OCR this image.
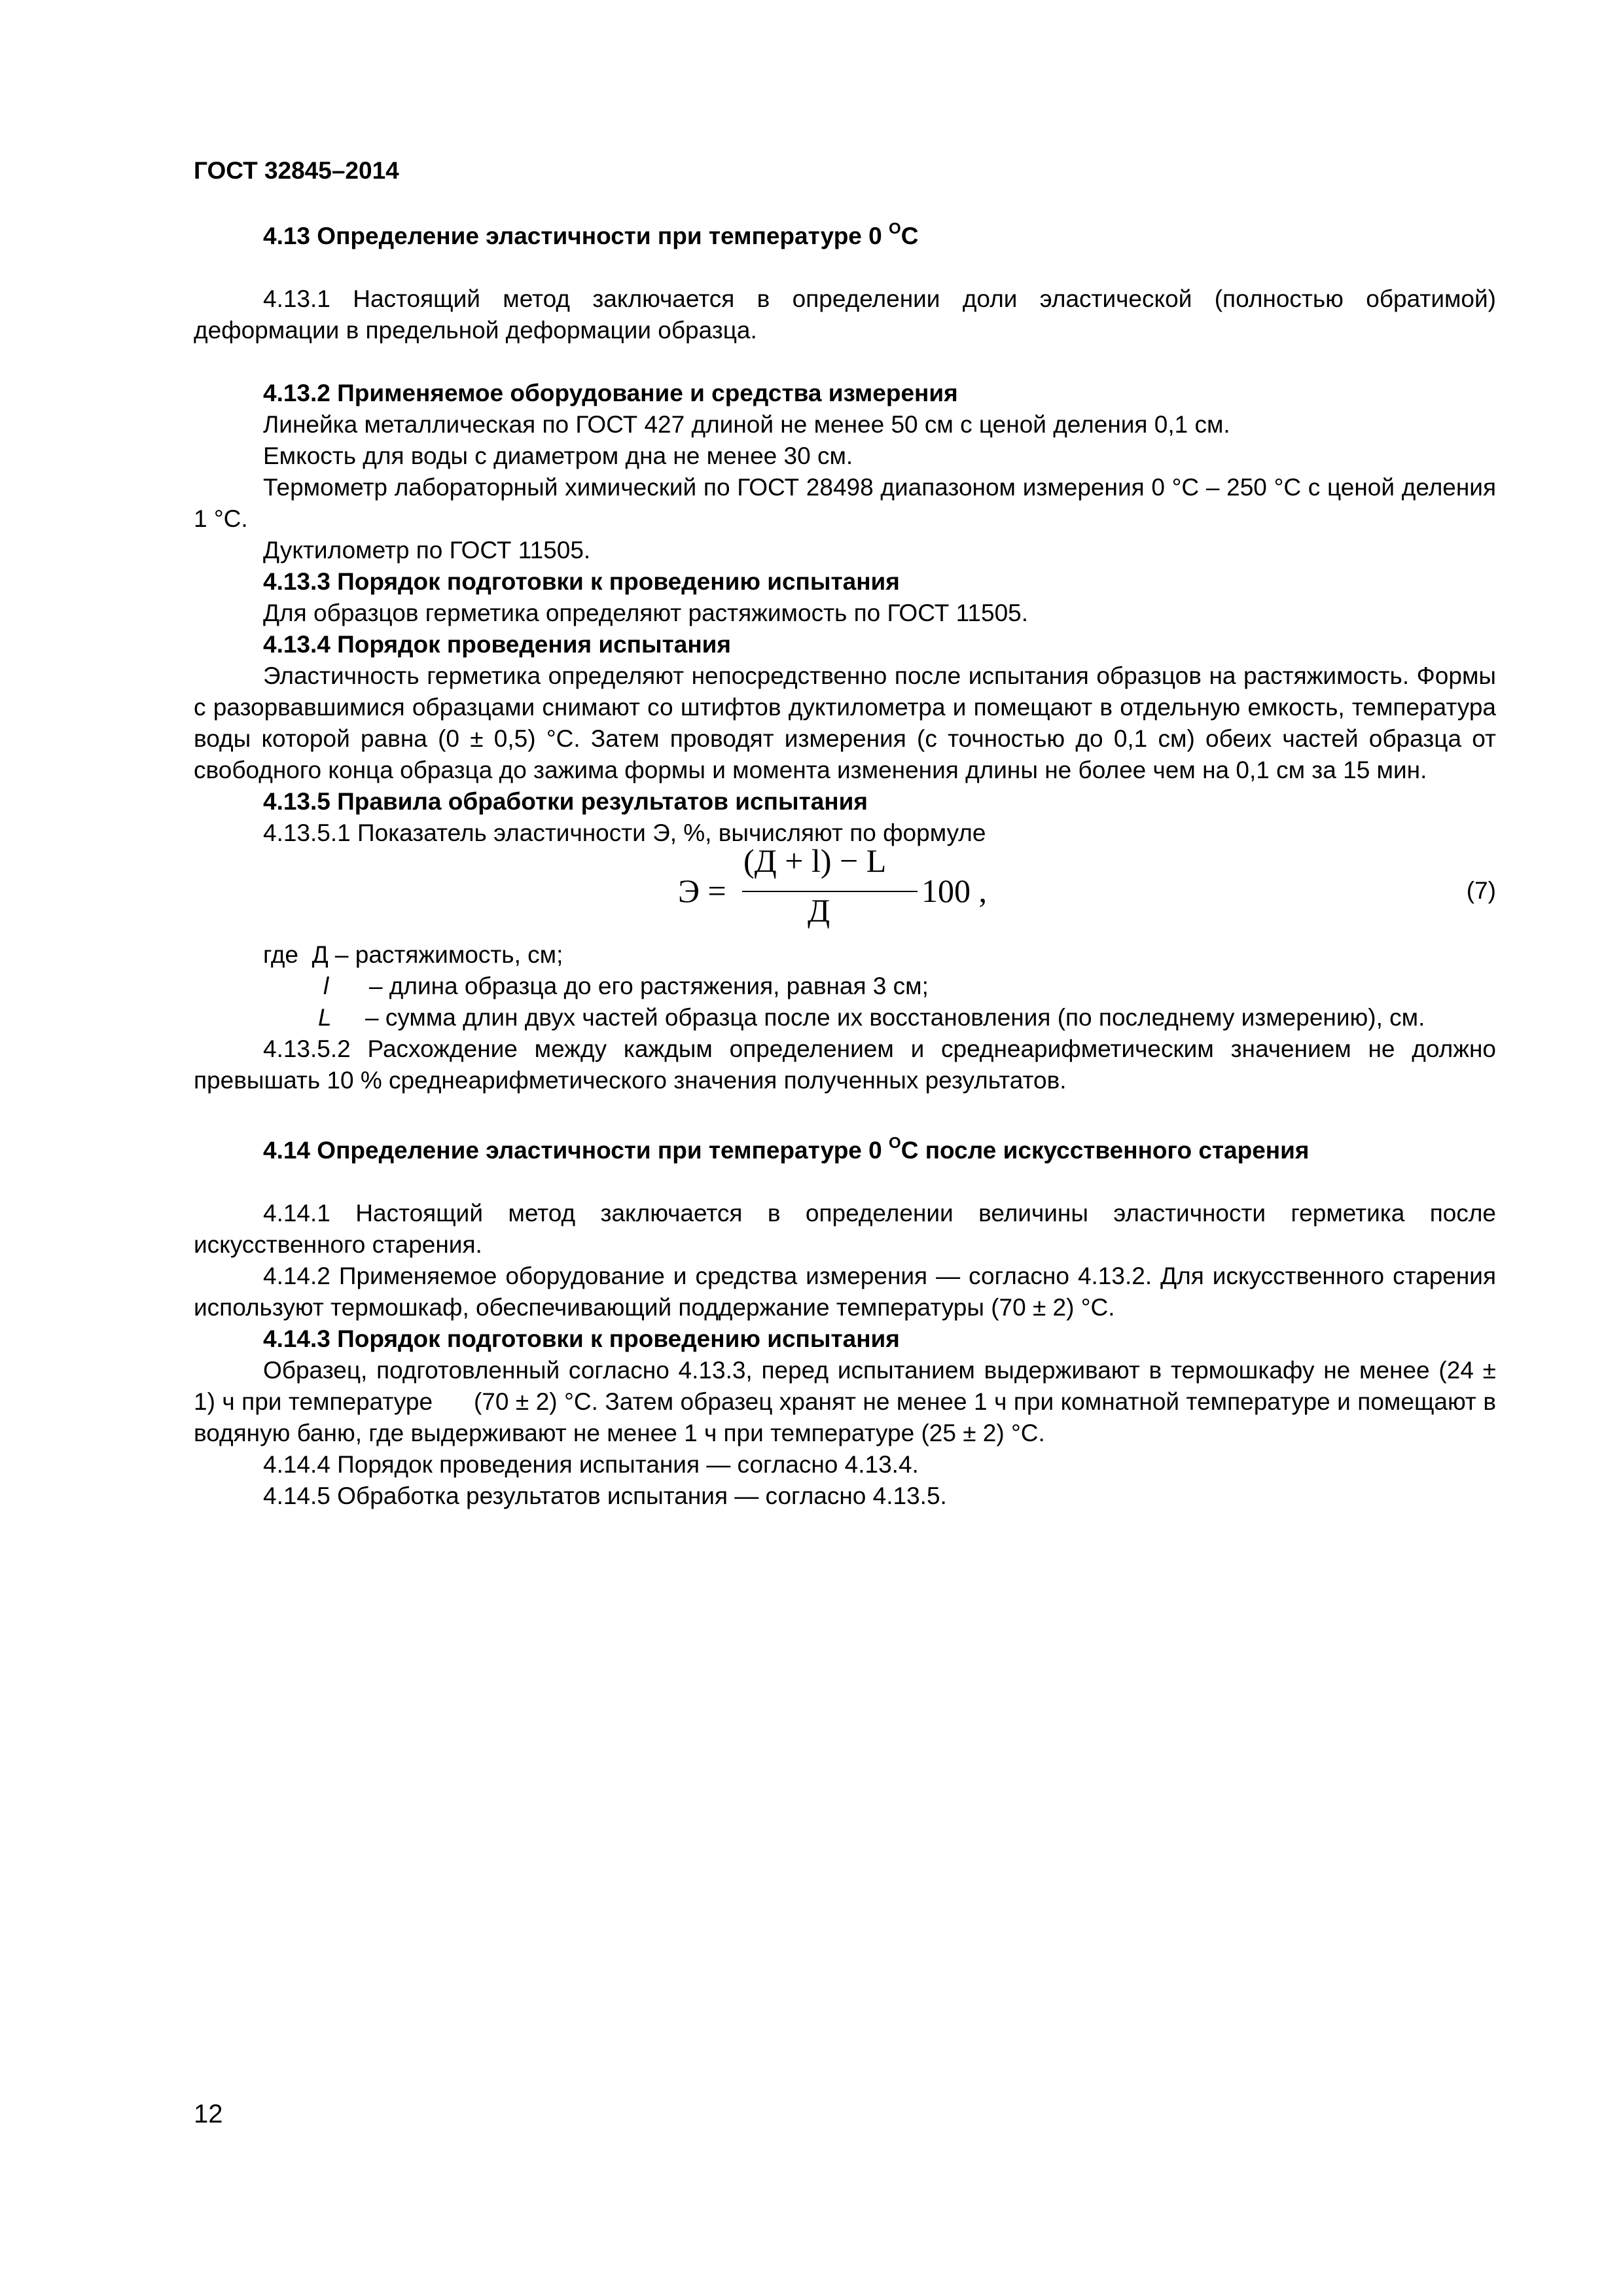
ГОСТ 32845–2014

4.13 Определение эластичности при температуре 0 $^О$С

4.13.1 Настоящий метод заключается в определении доли эластической (полностью обратимой) деформации в предельной деформации образца.

4.13.2 Применяемое оборудование и средства измерения

Линейка металлическая по ГОСТ 427 длиной не менее 50 см с ценой деления 0,1 см.

Емкость для воды с диаметром дна не менее 30 см.

Термометр лабораторный химический по ГОСТ 28498 диапазоном измерения 0 °С – 250 °С с ценой деления 1 °С.

Дуктилометр по ГОСТ 11505.

4.13.3 Порядок подготовки к проведению испытания

Для образцов герметика определяют растяжимость по ГОСТ 11505.

4.13.4 Порядок проведения испытания

Эластичность герметика определяют непосредственно после испытания образцов на растяжимость. Формы с разорвавшимися образцами снимают со штифтов дуктилометра и помещают в отдельную емкость, температура воды которой равна (0 ± 0,5) °С. Затем проводят измерения (с точностью до 0,1 см) обеих частей образца от свободного конца образца до зажима формы и момента изменения длины не более чем на 0,1 см за 15 мин.

4.13.5 Правила обработки результатов испытания

4.13.5.1 Показатель эластичности Э, %, вычисляют по формуле

Э =
(Д + l) − L
Д
100 ,	(7)

где Д – растяжимость, см;

l – длина образца до его растяжения, равная 3 см;

L – сумма длин двух частей образца после их восстановления (по последнему измерению), см.

4.13.5.2 Расхождение между каждым определением и среднеарифметическим значением не должно превышать 10 % среднеарифметического значения полученных результатов.

4.14 Определение эластичности при температуре 0 $^О$С после искусственного старения

4.14.1 Настоящий метод заключается в определении величины эластичности герметика после искусственного старения.

4.14.2 Применяемое оборудование и средства измерения — согласно 4.13.2. Для искусственного старения используют термошкаф, обеспечивающий поддержание температуры (70 ± 2) °С.

4.14.3 Порядок подготовки к проведению испытания

Образец, подготовленный согласно 4.13.3, перед испытанием выдерживают в термошкафу не менее (24 ± 1) ч при температуре      (70 ± 2) °С. Затем образец хранят не менее 1 ч при комнатной температуре и помещают в водяную баню, где выдерживают не менее 1 ч при температуре (25 ± 2) °С.

4.14.4 Порядок проведения испытания — согласно 4.13.4.

4.14.5 Обработка результатов испытания — согласно 4.13.5.

12
